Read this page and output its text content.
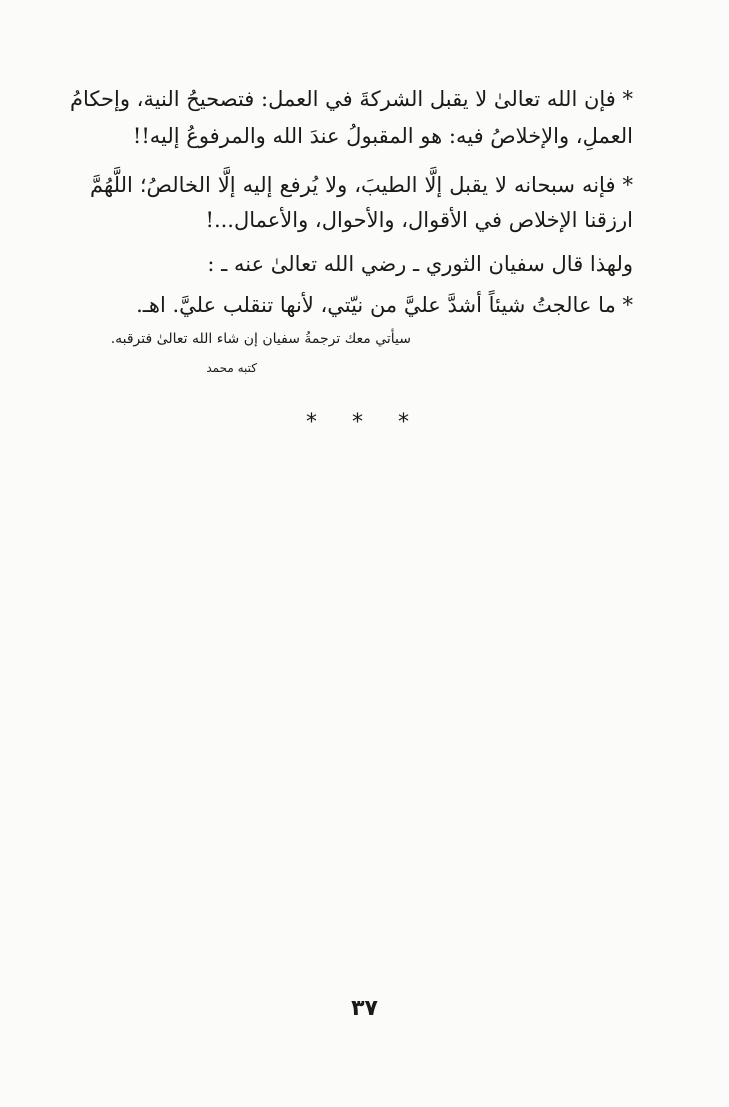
* فإن الله تعالىٰ لا يقبل الشركةَ في العمل: فتصحيحُ النية، وإحكامُ
العملِ، والإخلاصُ فيه: هو المقبولُ عندَ الله والمرفوعُ إليه!!
* فإنه سبحانه لا يقبل إلَّا الطيبَ، ولا يُرفع إليه إلَّا الخالصُ؛ اللَّهُمَّ
ارزقنا الإخلاص في الأقوال، والأحوال، والأعمال...!
ولهذا قال سفيان الثوري ـ رضي الله تعالىٰ عنه ـ :
* ما عالجتُ شيئاً أشدَّ عليَّ من نيّتي، لأنها تنقلب عليَّ. اهـ.
سيأتي معك ترجمةُ سفيان إن شاء الله تعالىٰ فترقبه.
كتبه محمد
* * *
٣٧
